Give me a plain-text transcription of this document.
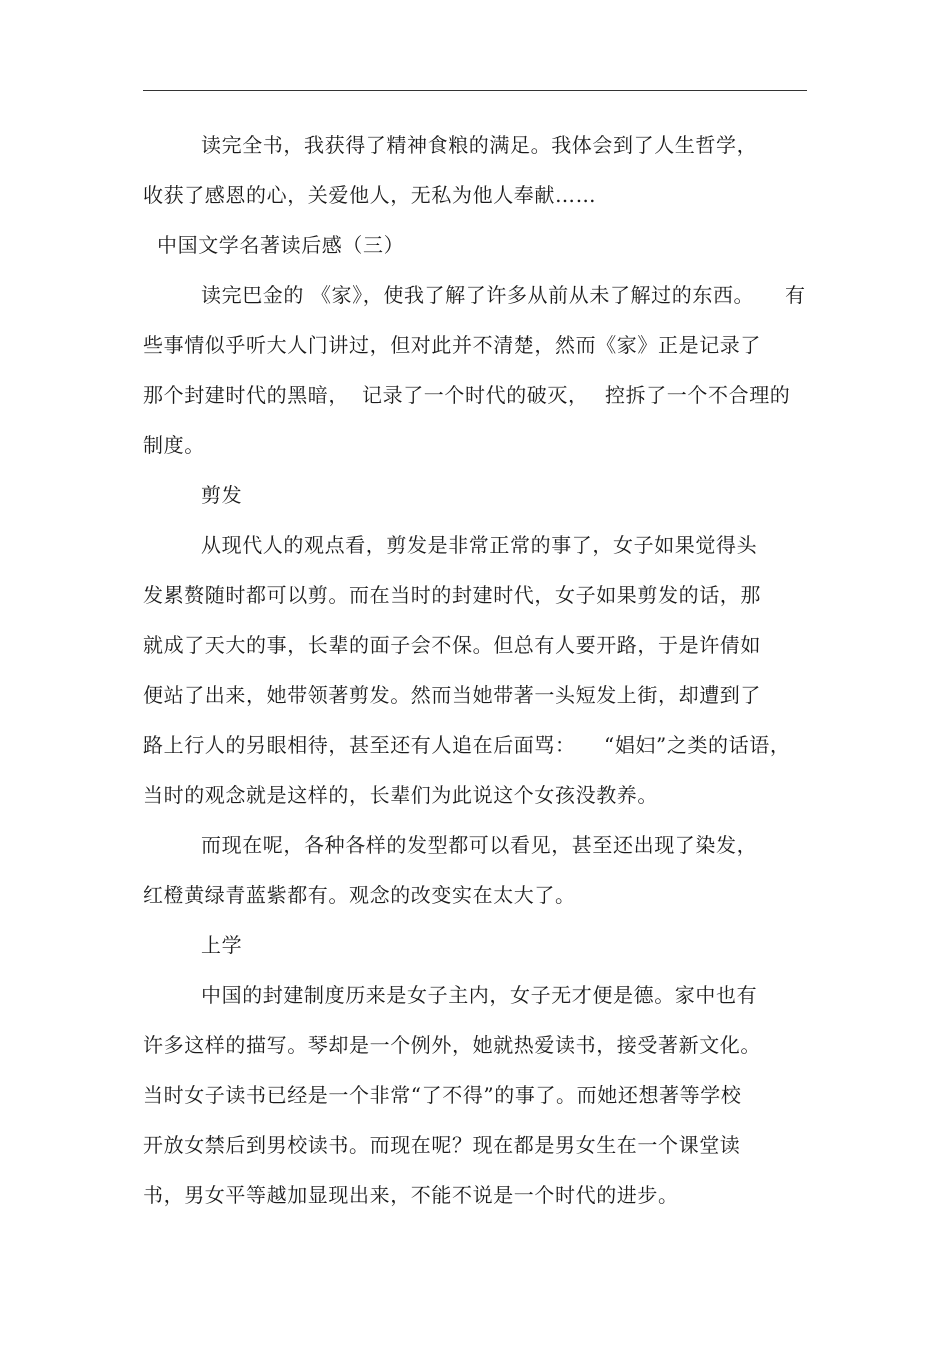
读完全书，我获得了精神食粮的满足。我体会到了人生哲学，
收获了感恩的心，关爱他人，无私为他人奉献……
中国文学名著读后感（三）
读完巴金的 《家》，使我了解了许多从前从未了解过的东西。 有
些事情似乎听大人门讲过，但对此并不清楚，然而《家》正是记录了
那个封建时代的黑暗， 记录了一个时代的破灭， 控拆了一个不合理的
制度。
剪发
从现代人的观点看，剪发是非常正常的事了，女子如果觉得头
发累赘随时都可以剪。而在当时的封建时代，女子如果剪发的话，那
就成了天大的事，长辈的面子会不保。但总有人要开路，于是许倩如
便站了出来，她带领著剪发。然而当她带著一头短发上街，却遭到了
路上行人的另眼相待，甚至还有人追在后面骂： “娼妇”之类的话语，
当时的观念就是这样的，长辈们为此说这个女孩没教养。
而现在呢，各种各样的发型都可以看见，甚至还出现了染发，
红橙黄绿青蓝紫都有。观念的改变实在太大了。
上学
中国的封建制度历来是女子主内，女子无才便是德。家中也有
许多这样的描写。琴却是一个例外，她就热爱读书，接受著新文化。
当时女子读书已经是一个非常“了不得”的事了。而她还想著等学校
开放女禁后到男校读书。而现在呢？现在都是男女生在一个课堂读
书，男女平等越加显现出来，不能不说是一个时代的进步。
